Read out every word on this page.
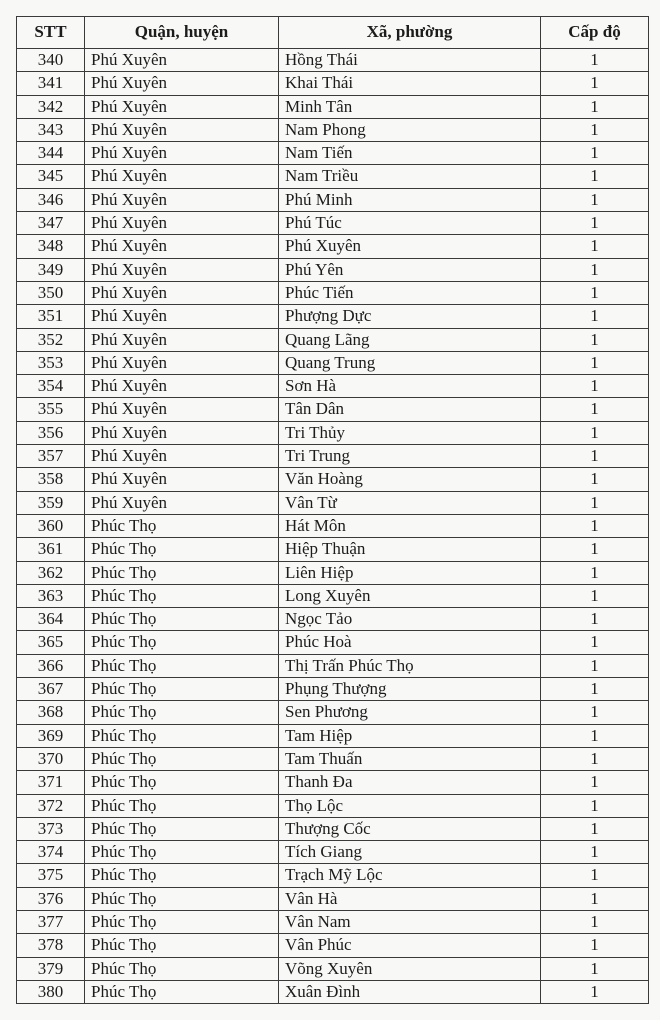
STT	Quận, huyện	Xã, phường	Cấp độ
340	Phú Xuyên	Hồng Thái	1
341	Phú Xuyên	Khai Thái	1
342	Phú Xuyên	Minh Tân	1
343	Phú Xuyên	Nam Phong	1
344	Phú Xuyên	Nam Tiến	1
345	Phú Xuyên	Nam Triều	1
346	Phú Xuyên	Phú Minh	1
347	Phú Xuyên	Phú Túc	1
348	Phú Xuyên	Phú Xuyên	1
349	Phú Xuyên	Phú Yên	1
350	Phú Xuyên	Phúc Tiến	1
351	Phú Xuyên	Phượng Dực	1
352	Phú Xuyên	Quang Lãng	1
353	Phú Xuyên	Quang Trung	1
354	Phú Xuyên	Sơn Hà	1
355	Phú Xuyên	Tân Dân	1
356	Phú Xuyên	Tri Thủy	1
357	Phú Xuyên	Tri Trung	1
358	Phú Xuyên	Văn Hoàng	1
359	Phú Xuyên	Vân Từ	1
360	Phúc Thọ	Hát Môn	1
361	Phúc Thọ	Hiệp Thuận	1
362	Phúc Thọ	Liên Hiệp	1
363	Phúc Thọ	Long Xuyên	1
364	Phúc Thọ	Ngọc Tảo	1
365	Phúc Thọ	Phúc Hoà	1
366	Phúc Thọ	Thị Trấn Phúc Thọ	1
367	Phúc Thọ	Phụng Thượng	1
368	Phúc Thọ	Sen Phương	1
369	Phúc Thọ	Tam Hiệp	1
370	Phúc Thọ	Tam Thuấn	1
371	Phúc Thọ	Thanh Đa	1
372	Phúc Thọ	Thọ Lộc	1
373	Phúc Thọ	Thượng Cốc	1
374	Phúc Thọ	Tích Giang	1
375	Phúc Thọ	Trạch Mỹ Lộc	1
376	Phúc Thọ	Vân Hà	1
377	Phúc Thọ	Vân Nam	1
378	Phúc Thọ	Vân Phúc	1
379	Phúc Thọ	Võng Xuyên	1
380	Phúc Thọ	Xuân Đình	1
